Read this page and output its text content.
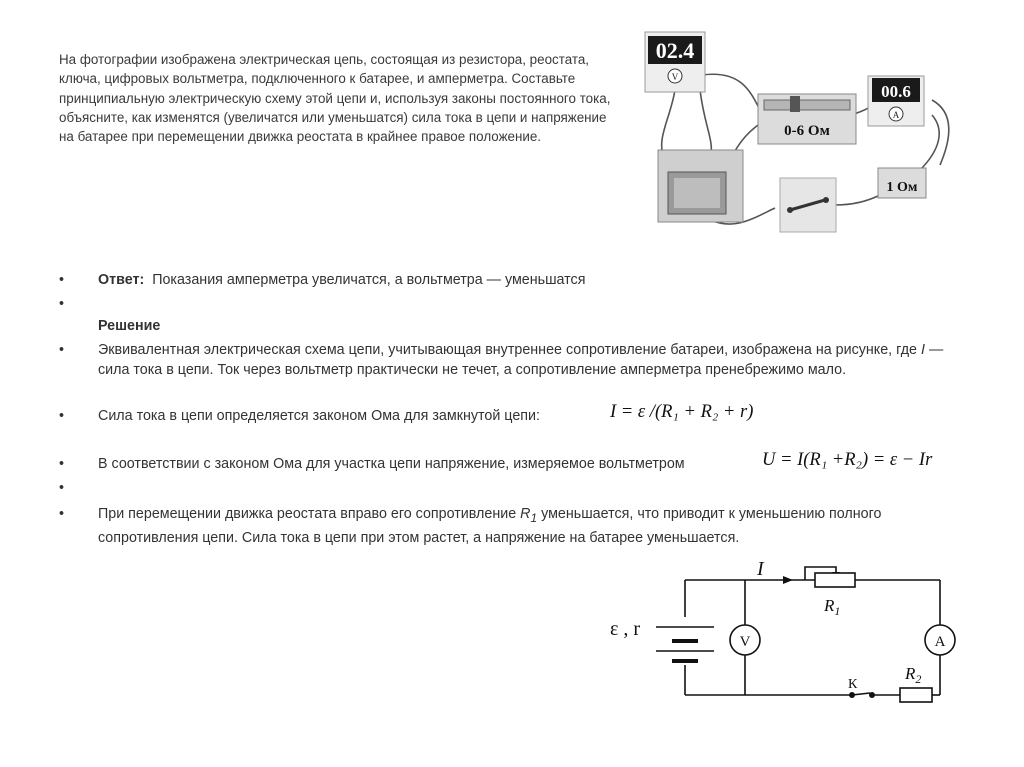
На фотографии изображена электрическая цепь, состоящая из резистора, реостата, ключа, цифровых вольтметра, подключенного к батарее, и амперметра. Составьте принципиальную электрическую схему этой цепи и, используя законы постоянного тока, объясните, как изменятся (увеличатся или уменьшатся) сила тока в цепи и напряжение на батарее при перемещении движка реостата в крайнее правое положение.

02.4
V
00.6
A
0-6 Ом
1 Ом
• Ответ: Показания амперметра увеличатся, а вольтметра — уменьшатся
•
Решение
• Эквивалентная электрическая схема цепи, учитывающая внутреннее сопротивление батареи, изображена на рисунке, где I — сила тока в цепи. Ток через вольтметр практически не течет, а сопротивление амперметра пренебрежимо мало.
• Сила тока в цепи определяется законом Ома для замкнутой цепи:
• В соответствии с законом Ома для участка цепи напряжение, измеряемое вольтметром
•
• При перемещении движка реостата вправо его сопротивление $R_1$ уменьшается, что приводит к уменьшению полного сопротивления цепи. Сила тока в цепи при этом растет, а напряжение на батарее уменьшается.
I = ε /(R₁ + R₂ + r)
U = I(R₁ +R₂) = ε − Ir
V	A
ε , r
I
$R_1$
$R_2$
К
